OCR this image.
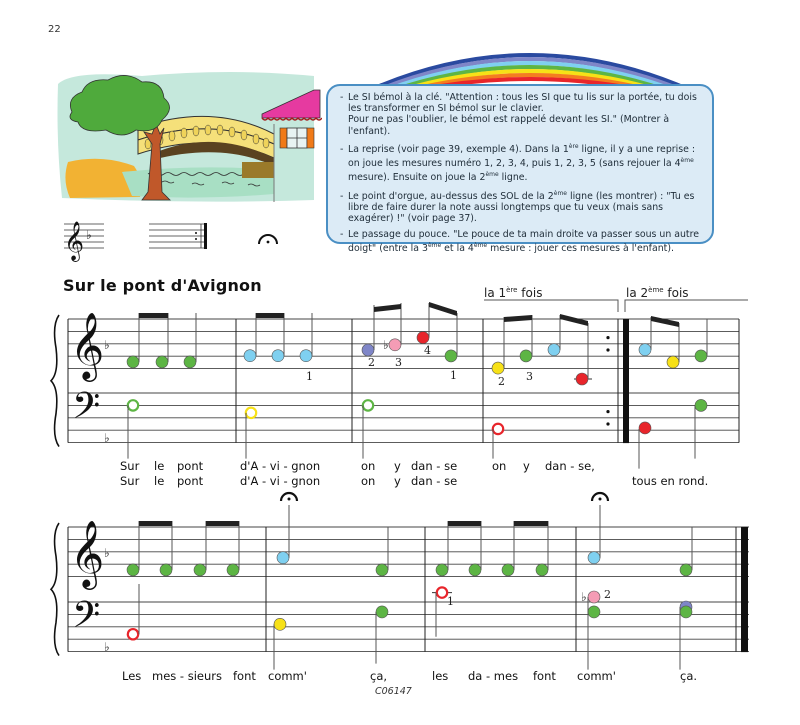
22
𝄞 ♭
- Le SI bémol à la clé. "Attention : tous les SI que tu lis sur la portée, tu dois les transformer en SI bémol sur le clavier.
Pour ne pas l'oublier, le bémol est rappelé devant les SI." (Montrer à l'enfant).
- La reprise (voir page 39, exemple 4). Dans la 1ère ligne, il y a une reprise : on joue les mesures numéro 1, 2, 3, 4, puis 1, 2, 3, 5 (sans rejouer la 4ème mesure). Ensuite on joue la 2ème ligne.
- Le point d'orgue, au-dessus des SOL de la 2ème ligne (les montrer) : "Tu es libre de faire durer la note aussi longtemps que tu veux (mais sans exagérer) !" (voir page 37).
- Le passage du pouce. "Le pouce de ta main droite va passer sous un autre doigt" (entre la 3ème et la 4ème mesure : jouer ces mesures à l'enfant).
Sur le pont d'Avignon
𝄞
𝄢
♭
♭
♭
la 1ère fois	la 2ème fois
1
2 3
4
1	2 3
Sur le pont	d'A - vi - gnon	on y dan - se	on y dan - se,
Sur le pont	d'A - vi - gnon	on y dan - se	tous en rond.
𝄞
𝄢
♭
♭
♭
1
2
Les mes - sieurs font comm'	ça,	les da - mes font comm'	ça.
C06147
